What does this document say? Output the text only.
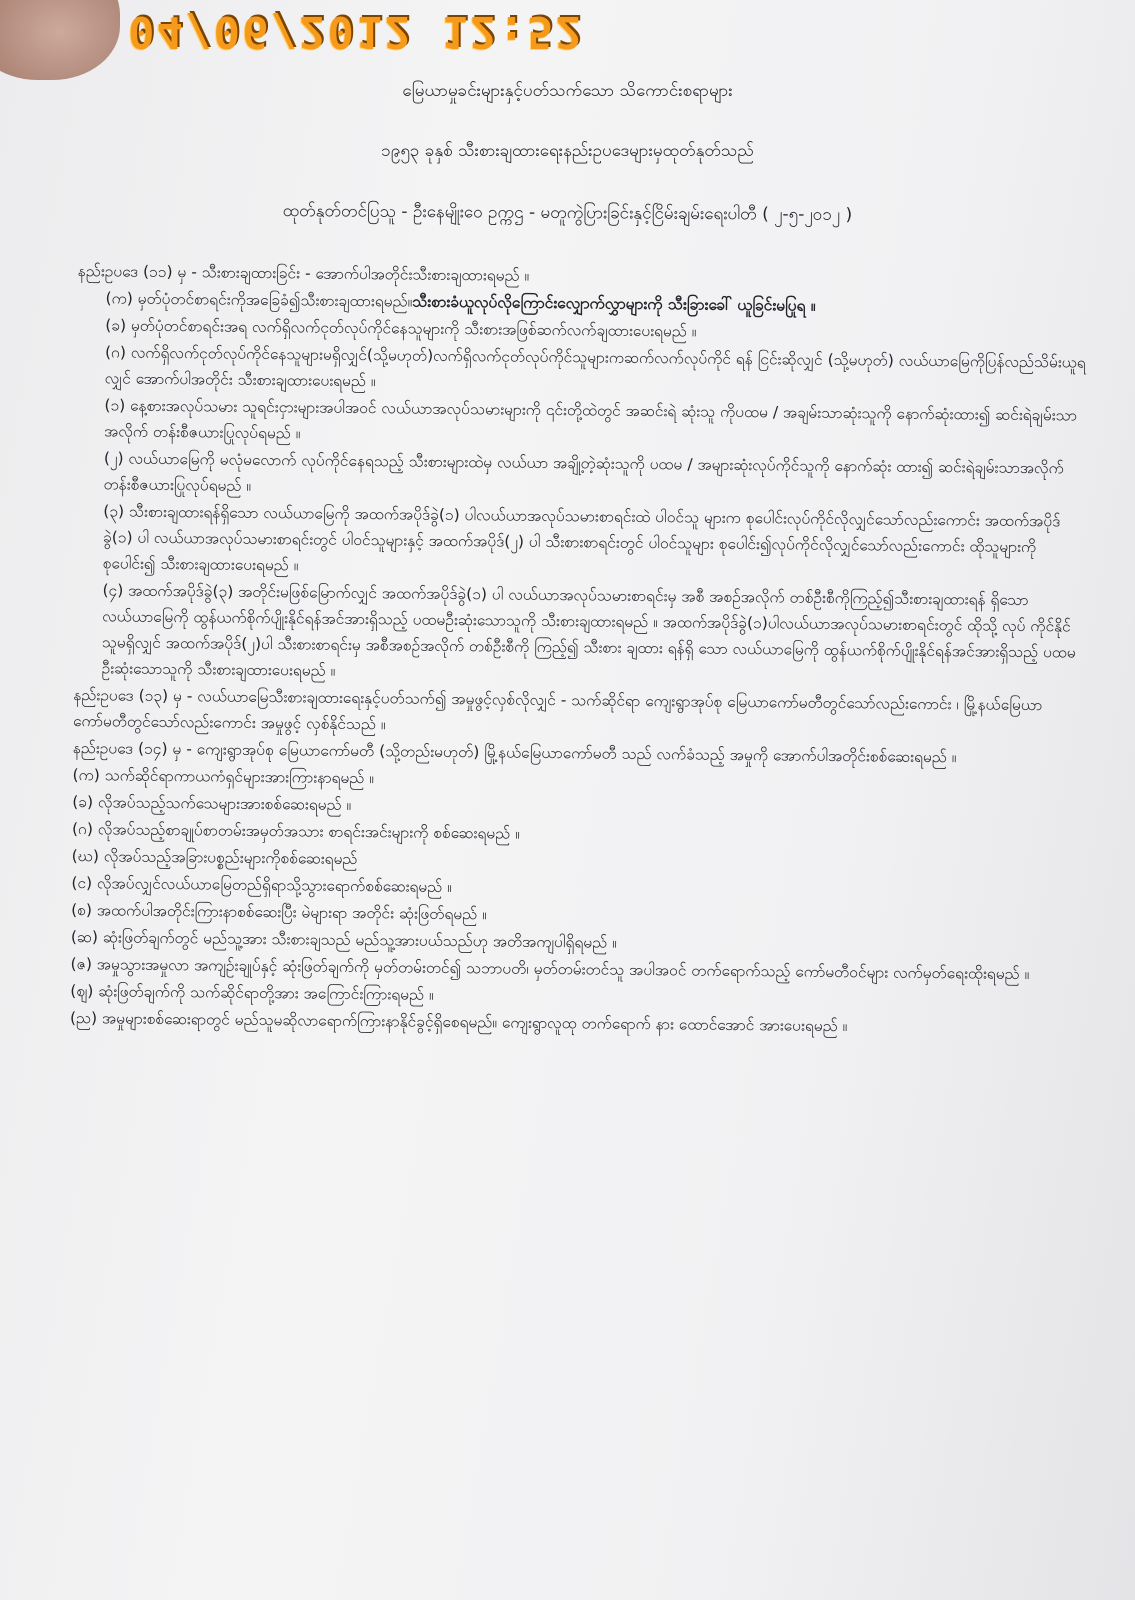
04/06/2012 12:52

မြေယာမှုခင်းများနှင့်ပတ်သက်သော သိကောင်းစရာများ

၁၉၅၃ ခုနှစ် သီးစားချထားရေးနည်းဥပဒေများမှထုတ်နုတ်သည်

ထုတ်နုတ်တင်ပြသူ - ဦးနေမျိုးဝေ ဥက္ကဌ - မတူကွဲပြားခြင်းနှင့်ငြိမ်းချမ်းရေးပါတီ ( ၂-၅-၂၀၁၂ )

နည်းဥပဒေ (၁၁) မှ - သီးစားချထားခြင်း - အောက်ပါအတိုင်းသီးစားချထားရမည် ။

(က) မှတ်ပုံတင်စာရင်းကိုအခြေခံ၍သီးစားချထားရမည်။သီးစားခံယူလုပ်လိုကြောင်းလျှောက်လွှာများကို သီးခြားခေါ် ယူခြင်းမပြုရ ။

(ခ) မှတ်ပုံတင်စာရင်းအရ လက်ရှိလက်ငုတ်လုပ်ကိုင်နေသူများကို သီးစားအဖြစ်ဆက်လက်ချထားပေးရမည် ။

(ဂ) လက်ရှိလက်ငုတ်လုပ်ကိုင်နေသူများမရှိလျှင်(သို့မဟုတ်)လက်ရှိလက်ငုတ်လုပ်ကိုင်သူများကဆက်လက်လုပ်ကိုင် ရန် ငြင်းဆိုလျှင် (သို့မဟုတ်) လယ်ယာမြေကိုပြန်လည်သိမ်းယူရလျှင် အောက်ပါအတိုင်း သီးစားချထားပေးရမည် ။

(၁) နေ့စားအလုပ်သမား သူရင်းငှားများအပါအဝင် လယ်ယာအလုပ်သမားများကို ၎င်းတို့ထဲတွင် အဆင်းရဲ ဆုံးသူ ကိုပထမ / အချမ်းသာဆုံးသူကို နောက်ဆုံးထား၍ ဆင်းရဲချမ်းသာအလိုက် တန်းစီဇယားပြုလုပ်ရမည် ။

(၂) လယ်ယာမြေကို မလုံမလောက် လုပ်ကိုင်နေရသည့် သီးစားများထဲမှ လယ်ယာ အချို့တဲ့ဆုံးသူကို ပထမ / အများဆုံးလုပ်ကိုင်သူကို နောက်ဆုံး ထား၍ ဆင်းရဲချမ်းသာအလိုက်တန်းစီဇယားပြုလုပ်ရမည် ။

(၃) သီးစားချထားရန်ရှိသော လယ်ယာမြေကို အထက်အပိုဒ်ခွဲ(၁) ပါလယ်ယာအလုပ်သမားစာရင်းထဲ ပါဝင်သူ များက စုပေါင်းလုပ်ကိုင်လိုလျှင်သော်လည်းကောင်း အထက်အပိုဒ်ခွဲ(၁) ပါ လယ်ယာအလုပ်သမားစာရင်းတွင် ပါဝင်သူများနှင့် အထက်အပိုဒ်(၂) ပါ သီးစားစာရင်းတွင် ပါဝင်သူများ စုပေါင်း၍လုပ်ကိုင်လိုလျှင်သော်လည်းကောင်း ထိုသူများကို စုပေါင်း၍ သီးစားချထားပေးရမည် ။

(၄) အထက်အပိုဒ်ခွဲ(၃) အတိုင်းမဖြစ်မြောက်လျှင် အထက်အပိုဒ်ခွဲ(၁) ပါ လယ်ယာအလုပ်သမားစာရင်းမှ အစီ အစဉ်အလိုက် တစ်ဦးစီကိုကြည့်၍သီးစားချထားရန် ရှိသော လယ်ယာမြေကို ထွန်ယက်စိုက်ပျိုးနိုင်ရန်အင်အားရှိသည့် ပထမဦးဆုံးသောသူကို သီးစားချထားရမည် ။ အထက်အပိုဒ်ခွဲ(၁)ပါလယ်ယာအလုပ်သမားစာရင်းတွင် ထိုသို့ လုပ် ကိုင်နိုင်သူမရှိလျှင် အထက်အပိုဒ်(၂)ပါ သီးစားစာရင်းမှ အစီအစဉ်အလိုက် တစ်ဦးစီကို ကြည့်၍ သီးစား ချထား ရန်ရှိ သော လယ်ယာမြေကို ထွန်ယက်စိုက်ပျိုးနိုင်ရန်အင်အားရှိသည့် ပထမဦးဆုံးသောသူကို သီးစားချထားပေးရမည် ။

နည်းဥပဒေ (၁၃) မှ - လယ်ယာမြေသီးစားချထားရေးနှင့်ပတ်သက်၍ အမှုဖွင့်လှစ်လိုလျှင် - သက်ဆိုင်ရာ ကျေးရွာအုပ်စု မြေယာကော်မတီတွင်သော်လည်းကောင်း ၊ မြို့နယ်မြေယာကော်မတီတွင်သော်လည်းကောင်း အမှုဖွင့် လှစ်နိုင်သည် ။

နည်းဥပဒေ (၁၄) မှ - ကျေးရွာအုပ်စု မြေယာကော်မတီ (သို့တည်းမဟုတ်) မြို့နယ်မြေယာကော်မတီ သည် လက်ခံသည့် အမှုကို အောက်ပါအတိုင်းစစ်ဆေးရမည် ။

(က) သက်ဆိုင်ရာကာယကံရှင်များအားကြားနာရမည် ။

(ခ) လိုအပ်သည့်သက်သေများအားစစ်ဆေးရမည် ။

(ဂ) လိုအပ်သည့်စာချုပ်စာတမ်းအမှတ်အသား စာရင်းအင်းများကို စစ်ဆေးရမည် ။

(ဃ) လိုအပ်သည့်အခြားပစ္စည်းများကိုစစ်ဆေးရမည်

(င) လိုအပ်လျှင်လယ်ယာမြေတည်ရှိရာသို့သွားရောက်စစ်ဆေးရမည် ။

(စ) အထက်ပါအတိုင်းကြားနာစစ်ဆေးပြီး မဲများရာ အတိုင်း ဆုံးဖြတ်ရမည် ။

(ဆ) ဆုံးဖြတ်ချက်တွင် မည်သူ့အား သီးစားချသည် မည်သူ့အားပယ်သည်ဟု အတိအကျပါရှိရမည် ။

(ဇ) အမှုသွားအမှုလာ အကျဉ်းချုပ်နှင့် ဆုံးဖြတ်ချက်ကို မှတ်တမ်းတင်၍ သဘာပတိ၊ မှတ်တမ်းတင်သူ အပါအဝင် တက်ရောက်သည့် ကော်မတီဝင်များ လက်မှတ်ရေးထိုးရမည် ။

(ဈ) ဆုံးဖြတ်ချက်ကို သက်ဆိုင်ရာတို့အား အကြောင်းကြားရမည် ။

(ည) အမှုများစစ်ဆေးရာတွင် မည်သူမဆိုလာရောက်ကြားနာနိုင်ခွင့်ရှိစေရမည်။ ကျေးရွာလူထု တက်ရောက် နား ထောင်အောင် အားပေးရမည် ။
